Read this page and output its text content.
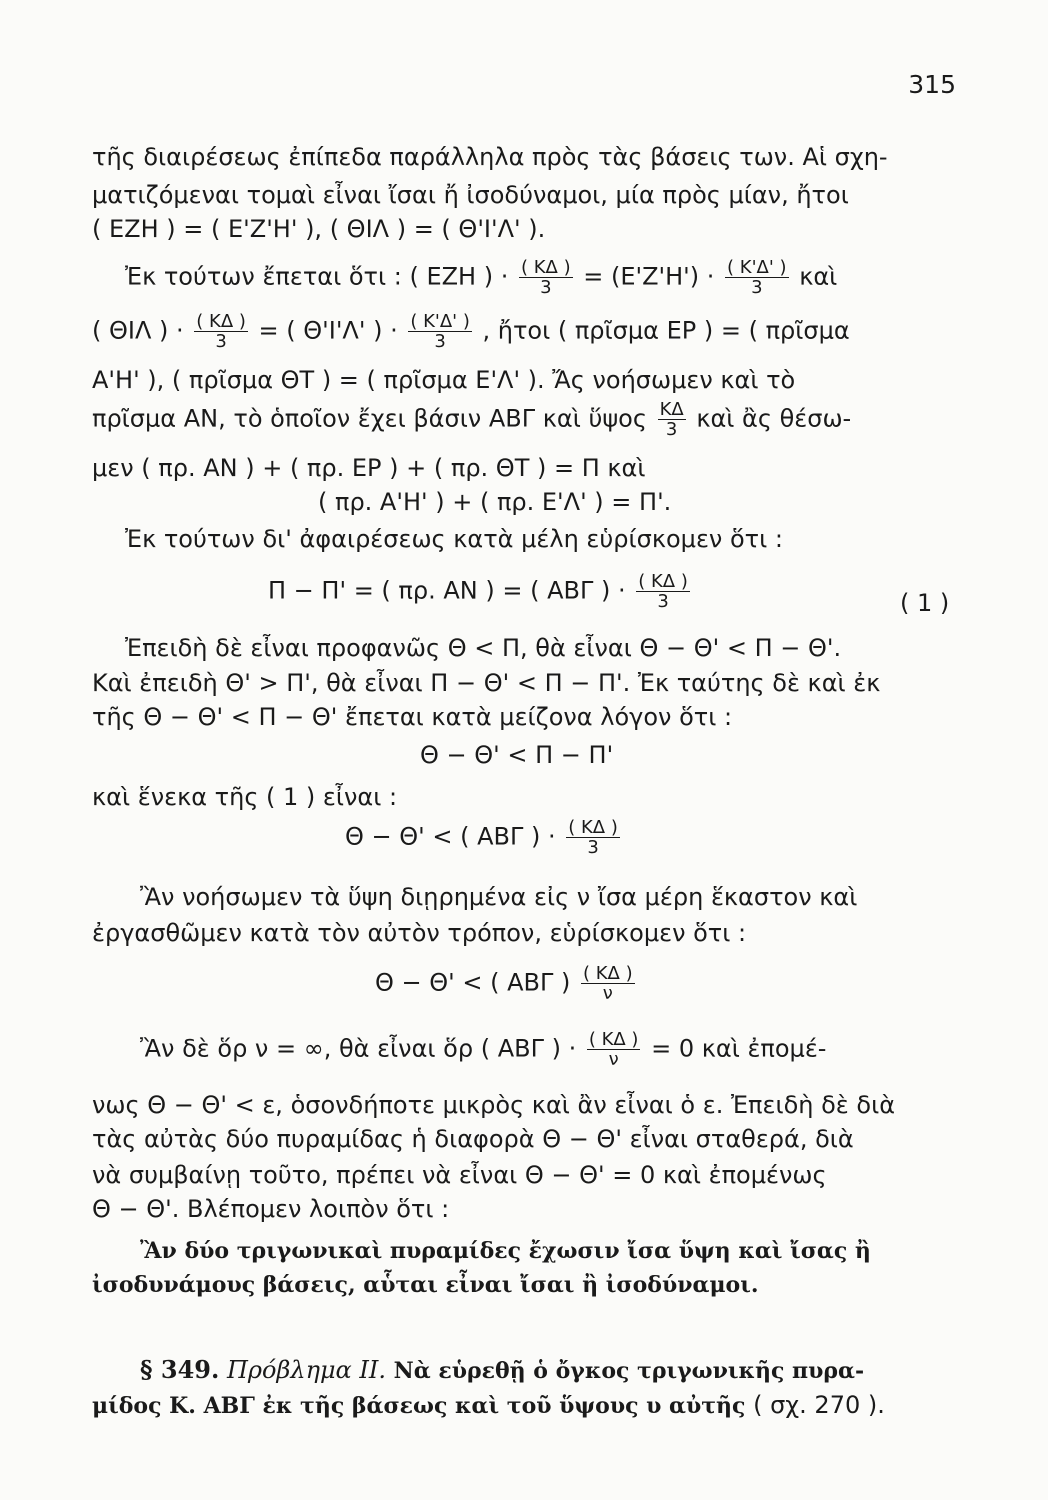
315
τῆς διαιρέσεως ἐπίπεδα παράλληλα πρὸς τὰς βάσεις των. Αἱ σχη-
ματιζόμεναι τομαὶ εἶναι ἴσαι ἤ ἰσοδύναμοι, μία πρὸς μίαν, ἤτοι
( ΕΖΗ ) = ( Ε'Ζ'Η' ), ( ΘΙΛ ) = ( Θ'Ι'Λ' ).
Ἐκ τούτων ἔπεται ὅτι : ( ΕΖΗ ) · $\frac{( K\Delta )}{3} = (E'Z'H') \cdot \frac{( K'\Delta' )}{3}$ καὶ
( ΘΙΛ ) · $\frac{( K\Delta )}{3}$ = ( Θ'Ι'Λ' ) · $\frac{( K'\Delta' )}{3}$ , ἤτοι ( πρῖσμα ΕΡ ) = ( πρῖσμα
Α'Η' ), ( πρῖσμα ΘΤ ) = ( πρῖσμα Ε'Λ' ). Ἄς νοήσωμεν καὶ τὸ
πρῖσμα ΑΝ, τὸ ὁποῖον ἔχει βάσιν ΑΒΓ καὶ ὕψος $\frac{K\Delta}{3}$ καὶ ἂς θέσω-
μεν ( πρ. ΑΝ ) + ( πρ. ΕΡ ) + ( πρ. ΘΤ ) = Π καὶ
( πρ. Α'Η' ) + ( πρ. Ε'Λ' ) = Π'.
Ἐκ τούτων δι' ἀφαιρέσεως κατὰ μέλη εὑρίσκομεν ὅτι :
Π − Π' = ( πρ. ΑΝ ) = ( ΑΒΓ ) · $\frac{( K\Delta )}{3}$	( 1 )
Ἐπειδὴ δὲ εἶναι προφανῶς Θ < Π, θὰ εἶναι Θ − Θ' < Π − Θ'.
Καὶ ἐπειδὴ Θ' > Π', θὰ εἶναι Π − Θ' < Π − Π'. Ἐκ ταύτης δὲ καὶ ἐκ
τῆς Θ − Θ' < Π − Θ' ἔπεται κατὰ μείζονα λόγον ὅτι :
Θ − Θ' < Π − Π'
καὶ ἕνεκα τῆς ( 1 ) εἶναι :
Θ − Θ' < ( ΑΒΓ ) · $\frac{( K\Delta )}{3}$
Ἂν νοήσωμεν τὰ ὕψη διῃρημένα εἰς ν ἴσα μέρη ἕκαστον καὶ
ἐργασθῶμεν κατὰ τὸν αὐτὸν τρόπον, εὑρίσκομεν ὅτι :
Θ − Θ' < ( ΑΒΓ ) $\frac{( K\Delta )}{\nu}$
Ἂν δὲ ὅρ ν = ∞, θὰ εἶναι ὅρ ( ΑΒΓ ) · $\frac{( K\Delta )}{\nu} = 0$ καὶ ἐπομέ-
νως Θ − Θ' < ε, ὁσονδήποτε μικρὸς καὶ ἂν εἶναι ὁ ε. Ἐπειδὴ δὲ διὰ
τὰς αὐτὰς δύο πυραμίδας ἡ διαφορὰ Θ − Θ' εἶναι σταθερά, διὰ
νὰ συμβαίνῃ τοῦτο, πρέπει νὰ εἶναι Θ − Θ' = 0 καὶ ἐπομένως
Θ − Θ'. Βλέπομεν λοιπὸν ὅτι :
Ἂν δύο τριγωνικαὶ πυραμίδες ἔχωσιν ἴσα ὕψη καὶ ἴσας ἢ
ἰσοδυνάμους βάσεις, αὗται εἶναι ἴσαι ἢ ἰσοδύναμοι.
§ 349. Πρόβλημα ΙΙ. Νὰ εὑρεθῇ ὁ ὄγκος τριγωνικῆς πυρα-
μίδος Κ. ΑΒΓ ἐκ τῆς βάσεως καὶ τοῦ ὕψους υ αὐτῆς ( σχ. 270 ).
